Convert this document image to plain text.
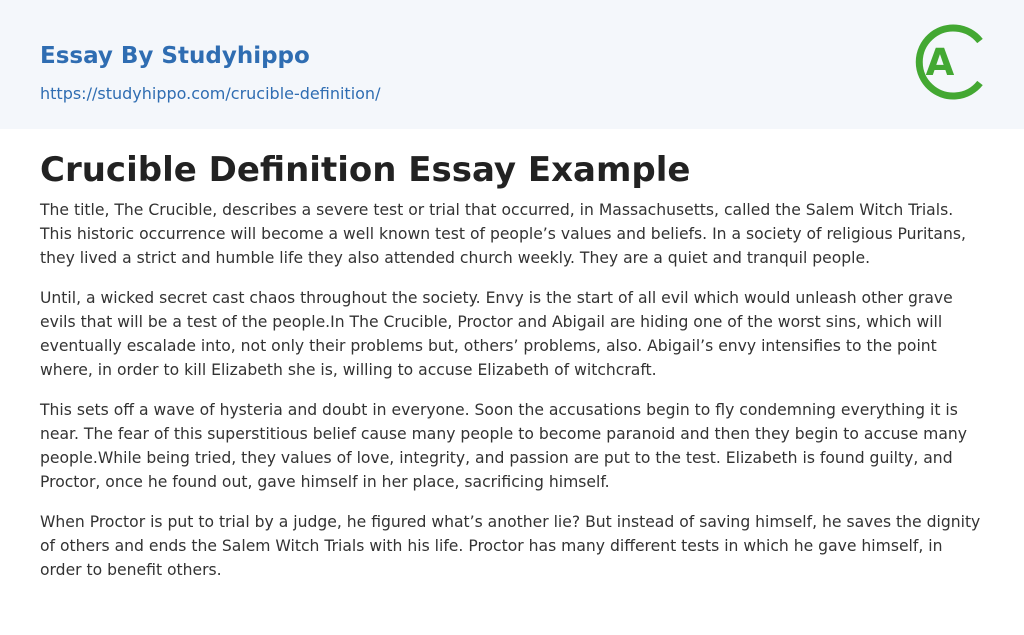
Essay By Studyhippo
https://studyhippo.com/crucible-definition/
A
Crucible Definition Essay Example

The title, The Crucible, describes a severe test or trial that occurred, in Massachusetts, called the Salem Witch Trials. This historic occurrence will become a well known test of people’s values and beliefs. In a society of religious Puritans, they lived a strict and humble life they also attended church weekly. They are a quiet and tranquil people.

Until, a wicked secret cast chaos throughout the society. Envy is the start of all evil which would unleash other grave evils that will be a test of the people.In The Crucible, Proctor and Abigail are hiding one of the worst sins, which will eventually escalade into, not only their problems but, others’ problems, also. Abigail’s envy intensifies to the point where, in order to kill Elizabeth she is, willing to accuse Elizabeth of witchcraft.

This sets off a wave of hysteria and doubt in everyone. Soon the accusations begin to fly condemning everything it is near. The fear of this superstitious belief cause many people to become paranoid and then they begin to accuse many people.While being tried, they values of love, integrity, and passion are put to the test. Elizabeth is found guilty, and Proctor, once he found out, gave himself in her place, sacrificing himself.

When Proctor is put to trial by a judge, he figured what’s another lie? But instead of saving himself, he saves the dignity of others and ends the Salem Witch Trials with his life. Proctor has many different tests in which he gave himself, in order to benefit others.
